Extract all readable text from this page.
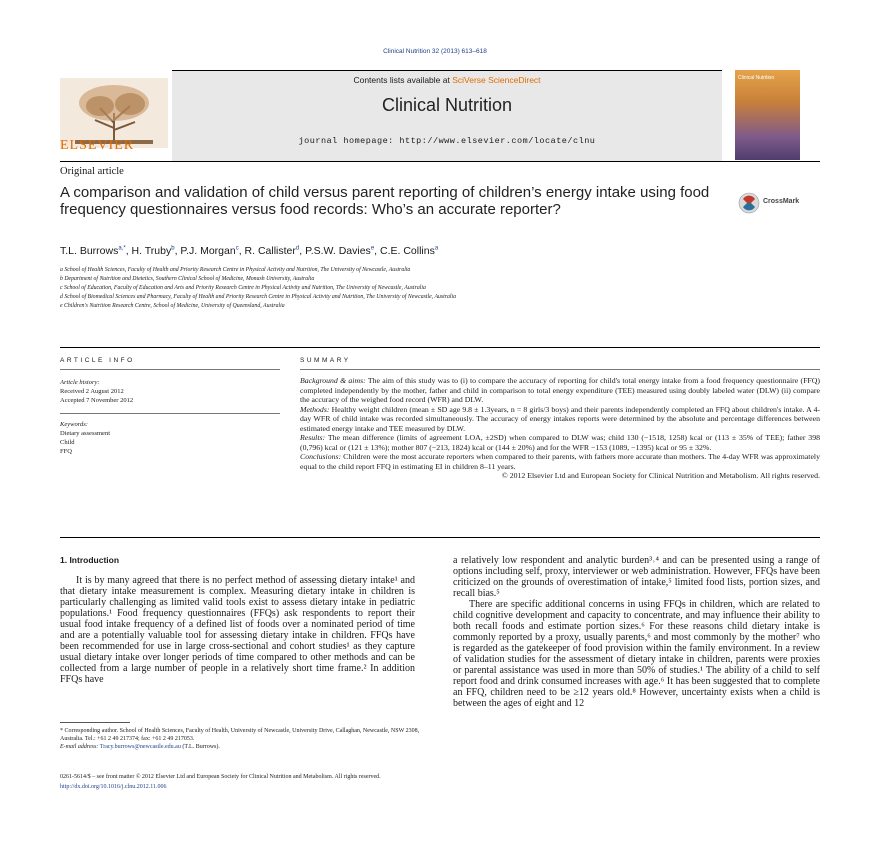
Clinical Nutrition 32 (2013) 613–618
Contents lists available at SciVerse ScienceDirect
Clinical Nutrition
journal homepage: http://www.elsevier.com/locate/clnu
ELSEVIER
Clinical Nutrition
Original article
A comparison and validation of child versus parent reporting of children’s energy intake using food frequency questionnaires versus food records: Who’s an accurate reporter?	CrossMark
T.L. Burrows$^{a,*}$, H. Truby$^b$, P.J. Morgan$^c$, R. Callister$^d$, P.S.W. Davies$^e$, C.E. Collins$^a$
a School of Health Sciences, Faculty of Health and Priority Research Centre in Physical Activity and Nutrition, The University of Newcastle, Australia
b Department of Nutrition and Dietetics, Southern Clinical School of Medicine, Monash University, Australia
c School of Education, Faculty of Education and Arts and Priority Research Centre in Physical Activity and Nutrition, The University of Newcastle, Australia
d School of Biomedical Sciences and Pharmacy, Faculty of Health and Priority Research Centre in Physical Activity and Nutrition, The University of Newcastle, Australia
e Children's Nutrition Research Centre, School of Medicine, University of Queensland, Australia
ARTICLE INFO
Article history:
Received 2 August 2012
Accepted 7 November 2012
Keywords:
Dietary assessment
Child
FFQ
SUMMARY

Background & aims: The aim of this study was to (i) to compare the accuracy of reporting for child's total energy intake from a food frequency questionnaire (FFQ) completed independently by the mother, father and child in comparison to total energy expenditure (TEE) measured using doubly labeled water (DLW) (ii) compare the accuracy of the weighed food record (WFR) and DLW.

Methods: Healthy weight children (mean ± SD age 9.8 ± 1.3years, n = 8 girls/3 boys) and their parents independently completed an FFQ about children's intake. A 4-day WFR of child intake was recorded simultaneously. The accuracy of energy intakes reports were determined by the absolute and percentage differences between estimated energy intake and TEE measured by DLW.

Results: The mean difference (limits of agreement LOA, ±2SD) when compared to DLW was; child 130 (−1518, 1258) kcal or (113 ± 35% of TEE); father 398 (0,796) kcal or (121 ± 13%); mother 807 (−213, 1824) kcal or (144 ± 20%) and for the WFR −153 (1089, −1395) kcal or 95 ± 32%.

Conclusions: Children were the most accurate reporters when compared to their parents, with fathers more accurate than mothers. The 4-day WFR was approximately equal to the child report FFQ in estimating EI in children 8–11 years.

© 2012 Elsevier Ltd and European Society for Clinical Nutrition and Metabolism. All rights reserved.

1. Introduction

It is by many agreed that there is no perfect method of assessing dietary intake¹ and that dietary intake measurement is complex. Measuring dietary intake in children is particularly challenging as limited valid tools exist to assess dietary intake in pediatric populations.¹ Food frequency questionnaires (FFQs) ask respondents to report their usual food intake frequency of a defined list of foods over a nominated period of time and are a potentially valuable tool for assessing dietary intake in children. FFQs have been recommended for use in large cross-sectional and cohort studies¹ as they capture usual dietary intake over longer periods of time compared to other methods and can be collected from a large number of people in a relatively short time frame.² In addition FFQs have

a relatively low respondent and analytic burden³˒⁴ and can be presented using a range of options including self, proxy, interviewer or web administration. However, FFQs have been criticized on the grounds of overestimation of intake,⁵ limited food lists, portion sizes, and recall bias.⁵

There are specific additional concerns in using FFQs in children, which are related to child cognitive development and capacity to concentrate, and may influence their ability to both recall foods and estimate portion sizes.⁶ For these reasons child dietary intake is commonly reported by a proxy, usually parents,⁶ and most commonly by the mother⁷ who is regarded as the gatekeeper of food provision within the family environment. In a review of validation studies for the assessment of dietary intake in children, parents were proxies or parental assistance was used in more than 50% of studies.¹ The ability of a child to self report food and drink consumed increases with age.⁶ It has been suggested that to complete an FFQ, children need to be ≥12 years old.⁸ However, uncertainty exists when a child is between the ages of eight and 12

* Corresponding author. School of Health Sciences, Faculty of Health, University of Newcastle, University Drive, Callaghan, Newcastle, NSW 2308, Australia. Tel.: +61 2 49 217374; fax: +61 2 49 217053.
E-mail address: Tracy.burrows@newcastle.edu.au (T.L. Burrows).
0261-5614/$ – see front matter © 2012 Elsevier Ltd and European Society for Clinical Nutrition and Metabolism. All rights reserved.
http://dx.doi.org/10.1016/j.clnu.2012.11.006
